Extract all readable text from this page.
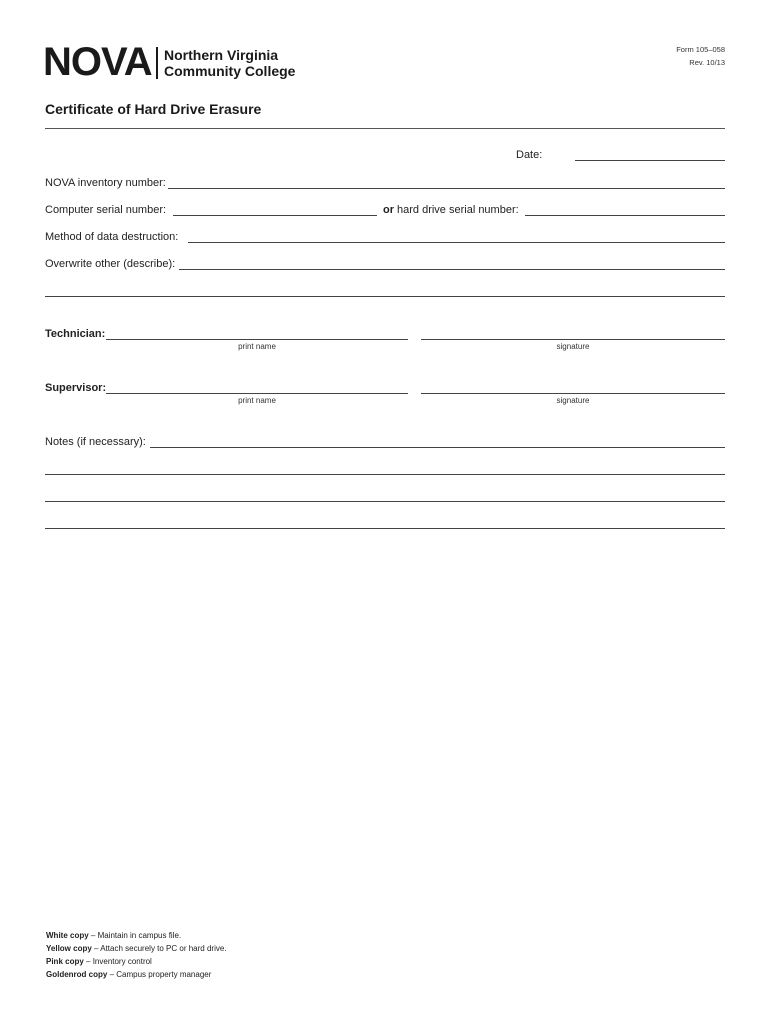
NOVA Northern Virginia
Community College
Form 105–058
Rev. 10/13
Certificate of Hard Drive Erasure
Date:
NOVA inventory number:
Computer serial number:	or hard drive serial number:
Method of data destruction:
Overwrite other (describe):
Technician:
print name	signature
Supervisor:
print name	signature
Notes (if necessary):
White copy – Maintain in campus file.
Yellow copy – Attach securely to PC or hard drive.
Pink copy – Inventory control
Goldenrod copy – Campus property manager
